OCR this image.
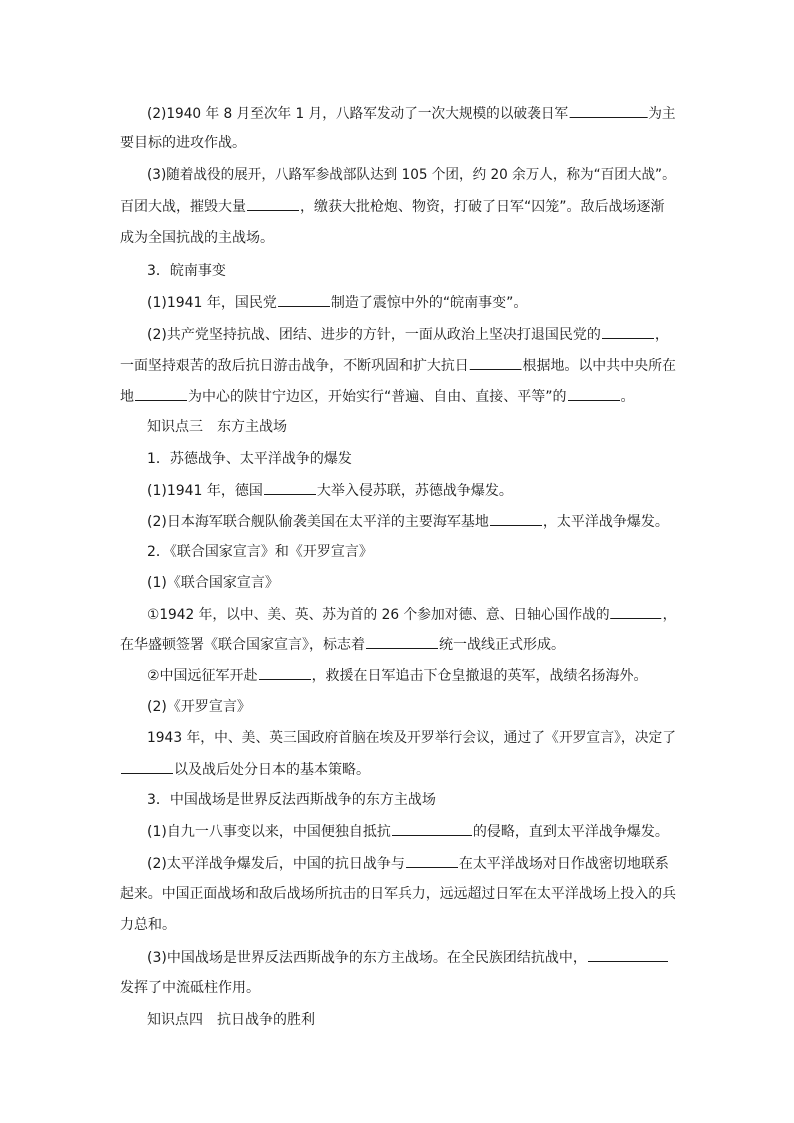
(2)1940 年 8 月至次年 1 月，八路军发动了一次大规模的以破袭日军	为主
要目标的进攻作战。
(3)随着战役的展开，八路军参战部队达到 105 个团，约 20 余万人，称为“百团大战”。
百团大战，摧毁大量	，缴获大批枪炮、物资，打破了日军“囚笼”。敌后战场逐渐
成为全国抗战的主战场。
3．皖南事变
(1)1941 年，国民党	制造了震惊中外的“皖南事变”。
(2)共产党坚持抗战、团结、进步的方针，一面从政治上坚决打退国民党的	，
一面坚持艰苦的敌后抗日游击战争，不断巩固和扩大抗日	根据地。以中共中央所在
地	为中心的陕甘宁边区，开始实行“普遍、自由、直接、平等”的	。
知识点三　东方主战场
1．苏德战争、太平洋战争的爆发
(1)1941 年，德国	大举入侵苏联，苏德战争爆发。
(2)日本海军联合舰队偷袭美国在太平洋的主要海军基地	，太平洋战争爆发。
2．《联合国家宣言》和《开罗宣言》
(1)《联合国家宣言》
①1942 年，以中、美、英、苏为首的 26 个参加对德、意、日轴心国作战的	，
在华盛顿签署《联合国家宣言》，标志着	统一战线正式形成。
②中国远征军开赴	，救援在日军追击下仓皇撤退的英军，战绩名扬海外。
(2)《开罗宣言》
1943 年，中、美、英三国政府首脑在埃及开罗举行会议，通过了《开罗宣言》，决定了
以及战后处分日本的基本策略。
3．中国战场是世界反法西斯战争的东方主战场
(1)自九一八事变以来，中国便独自抵抗	的侵略，直到太平洋战争爆发。
(2)太平洋战争爆发后，中国的抗日战争与	在太平洋战场对日作战密切地联系
起来。中国正面战场和敌后战场所抗击的日军兵力，远远超过日军在太平洋战场上投入的兵
力总和。
(3)中国战场是世界反法西斯战争的东方主战场。在全民族团结抗战中，
发挥了中流砥柱作用。
知识点四　抗日战争的胜利
